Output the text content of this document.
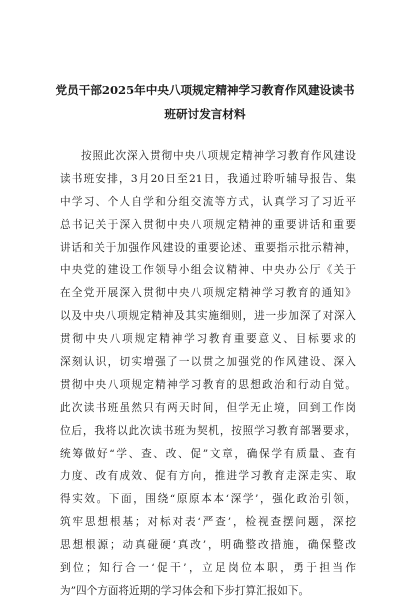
党员干部2025年中央八项规定精神学习教育作风建设读书
班研讨发言材料
按照此次深入贯彻中央八项规定精神学习教育作风建设
读书班安排，3月20日至21日，我通过聆听辅导报告、集
中学习、个人自学和分组交流等方式，认真学习了习近平
总书记关于深入贯彻中央八项规定精神的重要讲话和重要
讲话和关于加强作风建设的重要论述、重要指示批示精神，
中央党的建设工作领导小组会议精神、中央办公厅《关于
在全党开展深入贯彻中央八项规定精神学习教育的通知》
以及中央八项规定精神及其实施细则，进一步加深了对深入
贯彻中央八项规定精神学习教育重要意义、目标要求的
深刻认识，切实增强了一以贯之加强党的作风建设、深入
贯彻中央八项规定精神学习教育的思想政治和行动自觉。
此次读书班虽然只有两天时间，但学无止境，回到工作岗
位后，我将以此次读书班为契机，按照学习教育部署要求，
统筹做好“学、查、改、促”文章，确保学有质量、查有
力度、改有成效、促有方向，推进学习教育走深走实、取
得实效。下面，围绕“原原本本‘深学’，强化政治引领，
筑牢思想根基；对标对表‘严查’，检视查摆问题，深挖
思想根源；动真碰硬‘真改’，明确整改措施，确保整改
到位；知行合一‘促干’，立足岗位本职，勇于担当作
为”四个方面将近期的学习体会和下步打算汇报如下。
